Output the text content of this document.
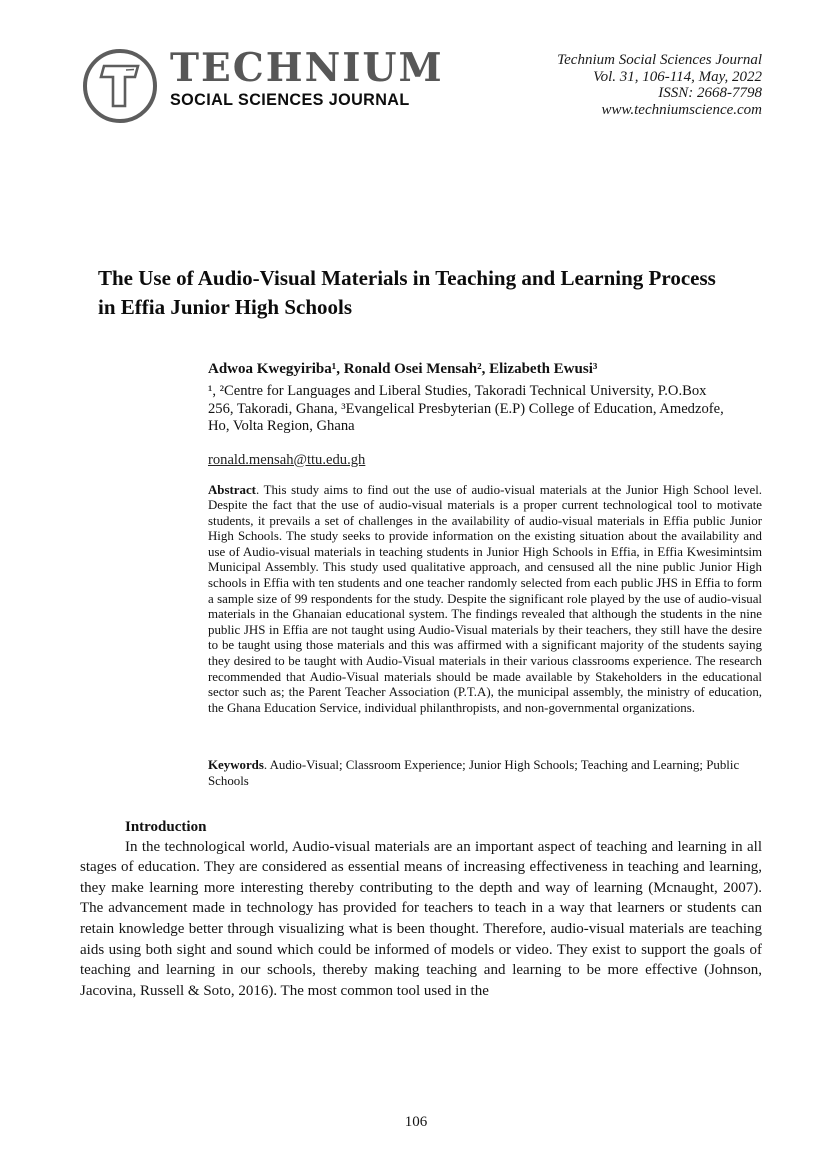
TECHNIUM
SOCIAL SCIENCES JOURNAL
Technium Social Sciences Journal
Vol. 31, 106-114, May, 2022
ISSN: 2668-7798
www.techniumscience.com
The Use of Audio-Visual Materials in Teaching and Learning Process in Effia Junior High Schools
Adwoa Kwegyiriba¹, Ronald Osei Mensah², Elizabeth Ewusi³
¹, ²Centre for Languages and Liberal Studies, Takoradi Technical University, P.O.Box 256, Takoradi, Ghana, ³Evangelical Presbyterian (E.P) College of Education, Amedzofe, Ho, Volta Region, Ghana
ronald.mensah@ttu.edu.gh

Abstract. This study aims to find out the use of audio-visual materials at the Junior High School level. Despite the fact that the use of audio-visual materials is a proper current technological tool to motivate students, it prevails a set of challenges in the availability of audio-visual materials in Effia public Junior High Schools. The study seeks to provide information on the existing situation about the availability and use of Audio-visual materials in teaching students in Junior High Schools in Effia, in Effia Kwesimintsim Municipal Assembly. This study used qualitative approach, and censused all the nine public Junior High schools in Effia with ten students and one teacher randomly selected from each public JHS in Effia to form a sample size of 99 respondents for the study. Despite the significant role played by the use of audio-visual materials in the Ghanaian educational system. The findings revealed that although the students in the nine public JHS in Effia are not taught using Audio-Visual materials by their teachers, they still have the desire to be taught using those materials and this was affirmed with a significant majority of the students saying they desired to be taught with Audio-Visual materials in their various classrooms experience. The research recommended that Audio-Visual materials should be made available by Stakeholders in the educational sector such as; the Parent Teacher Association (P.T.A), the municipal assembly, the ministry of education, the Ghana Education Service, individual philanthropists, and non-governmental organizations.

Keywords. Audio-Visual; Classroom Experience; Junior High Schools; Teaching and Learning; Public Schools

Introduction

In the technological world, Audio-visual materials are an important aspect of teaching and learning in all stages of education. They are considered as essential means of increasing effectiveness in teaching and learning, they make learning more interesting thereby contributing to the depth and way of learning (Mcnaught, 2007). The advancement made in technology has provided for teachers to teach in a way that learners or students can retain knowledge better through visualizing what is been thought. Therefore, audio-visual materials are teaching aids using both sight and sound which could be informed of models or video. They exist to support the goals of teaching and learning in our schools, thereby making teaching and learning to be more effective (Johnson, Jacovina, Russell & Soto, 2016). The most common tool used in the

106
